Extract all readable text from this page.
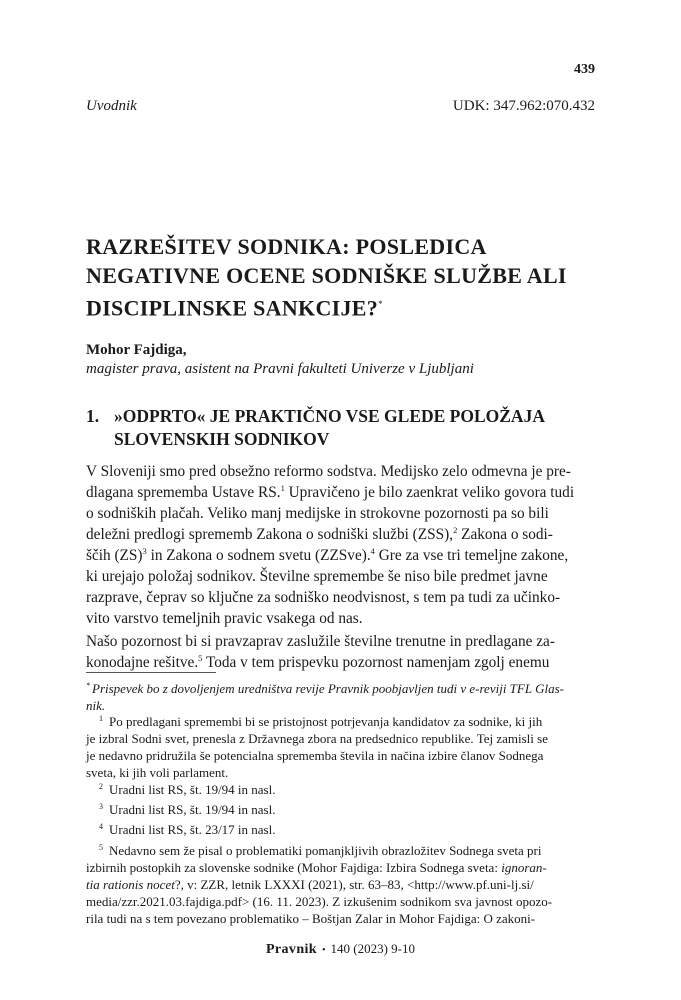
439
Uvodnik	UDK: 347.962:070.432
RAZREŠITEV SODNIKA: POSLEDICA
NEGATIVNE OCENE SODNIŠKE SLUŽBE ALI
DISCIPLINSKE SANKCIJE?*
Mohor Fajdiga,
magister prava, asistent na Pravni fakulteti Univerze v Ljubljani
1. »ODPRTO« JE PRAKTIČNO VSE GLEDE POLOŽAJA
SLOVENSKIH SODNIKOV

V Sloveniji smo pred obsežno reformo sodstva. Medijsko zelo odmevna je pre-
dlagana sprememba Ustave RS.$^1$ Upravičeno je bilo zaenkrat veliko govora tudi
o sodniških plačah. Veliko manj medijske in strokovne pozornosti pa so bili
deležni predlogi sprememb Zakona o sodniški službi (ZSS),$^2$ Zakona o sodi-
ščih (ZS)$^3$ in Zakona o sodnem svetu (ZZSve).$^4$ Gre za vse tri temeljne zakone,
ki urejajo položaj sodnikov. Številne spremembe še niso bile predmet javne
razprave, čeprav so ključne za sodniško neodvisnost, s tem pa tudi za učinko-
vito varstvo temeljnih pravic vsakega od nas.

Našo pozornost bi si pravzaprav zaslužile številne trenutne in predlagane za-
konodajne rešitve.$^5$ Toda v tem prispevku pozornost namenjam zgolj enemu

* Prispevek bo z dovoljenjem uredništva revije Pravnik poobjavljen tudi v e-reviji TFL Glas-
nik.

$^1$ Po predlagani spremembi bi se pristojnost potrjevanja kandidatov za sodnike, ki jih
je izbral Sodni svet, prenesla z Državnega zbora na predsednico republike. Tej zamisli se
je nedavno pridružila še potencialna sprememba števila in načina izbire članov Sodnega
sveta, ki jih voli parlament.

$^2$ Uradni list RS, št. 19/94 in nasl.

$^3$ Uradni list RS, št. 19/94 in nasl.

$^4$ Uradni list RS, št. 23/17 in nasl.

$^5$ Nedavno sem že pisal o problematiki pomanjkljivih obrazložitev Sodnega sveta pri
izbirnih postopkih za slovenske sodnike (Mohor Fajdiga: Izbira Sodnega sveta: ignoran-
tia rationis nocet?, v: ZZR, letnik LXXXI (2021), str. 63–83, <http://www.pf.uni-lj.si/
media/zzr.2021.03.fajdiga.pdf> (16. 11. 2023). Z izkušenim sodnikom sva javnost opozo-
rila tudi na s tem povezano problematiko – Boštjan Zalar in Mohor Fajdiga: O zakoni-

Pravnik • 140 (2023) 9-10
